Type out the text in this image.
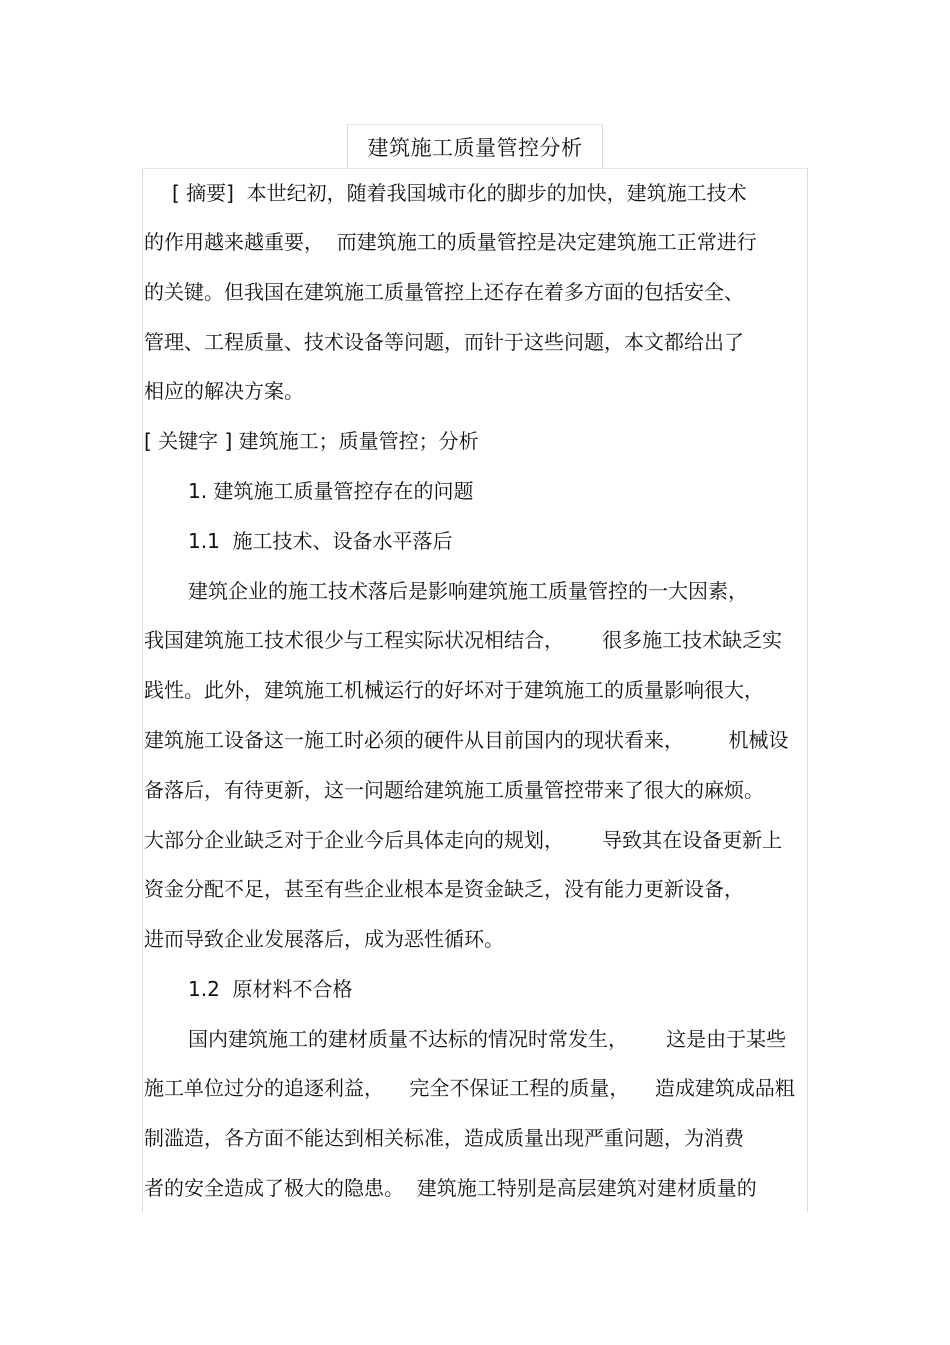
建筑施工质量管控分析
[ 摘要]  本世纪初，随着我国城市化的脚步的加快，建筑施工技术
的作用越来越重要，  而建筑施工的质量管控是决定建筑施工正常进行
的关键。但我国在建筑施工质量管控上还存在着多方面的包括安全、
管理、工程质量、技术设备等问题，而针于这些问题，本文都给出了
相应的解决方案。
[ 关键字 ] 建筑施工；质量管控；分析
1. 建筑施工质量管控存在的问题
1.1  施工技术、设备水平落后
建筑企业的施工技术落后是影响建筑施工质量管控的一大因素，
我国建筑施工技术很少与工程实际状况相结合，      很多施工技术缺乏实
践性。此外，建筑施工机械运行的好坏对于建筑施工的质量影响很大，
建筑施工设备这一施工时必须的硬件从目前国内的现状看来，       机械设
备落后，有待更新，这一问题给建筑施工质量管控带来了很大的麻烦。
大部分企业缺乏对于企业今后具体走向的规划，      导致其在设备更新上
资金分配不足，甚至有些企业根本是资金缺乏，没有能力更新设备，
进而导致企业发展落后，成为恶性循环。
1.2  原材料不合格
国内建筑施工的建材质量不达标的情况时常发生，      这是由于某些
施工单位过分的追逐利益，    完全不保证工程的质量，    造成建筑成品粗
制滥造，各方面不能达到相关标准，造成质量出现严重问题，为消费
者的安全造成了极大的隐患。  建筑施工特别是高层建筑对建材质量的
